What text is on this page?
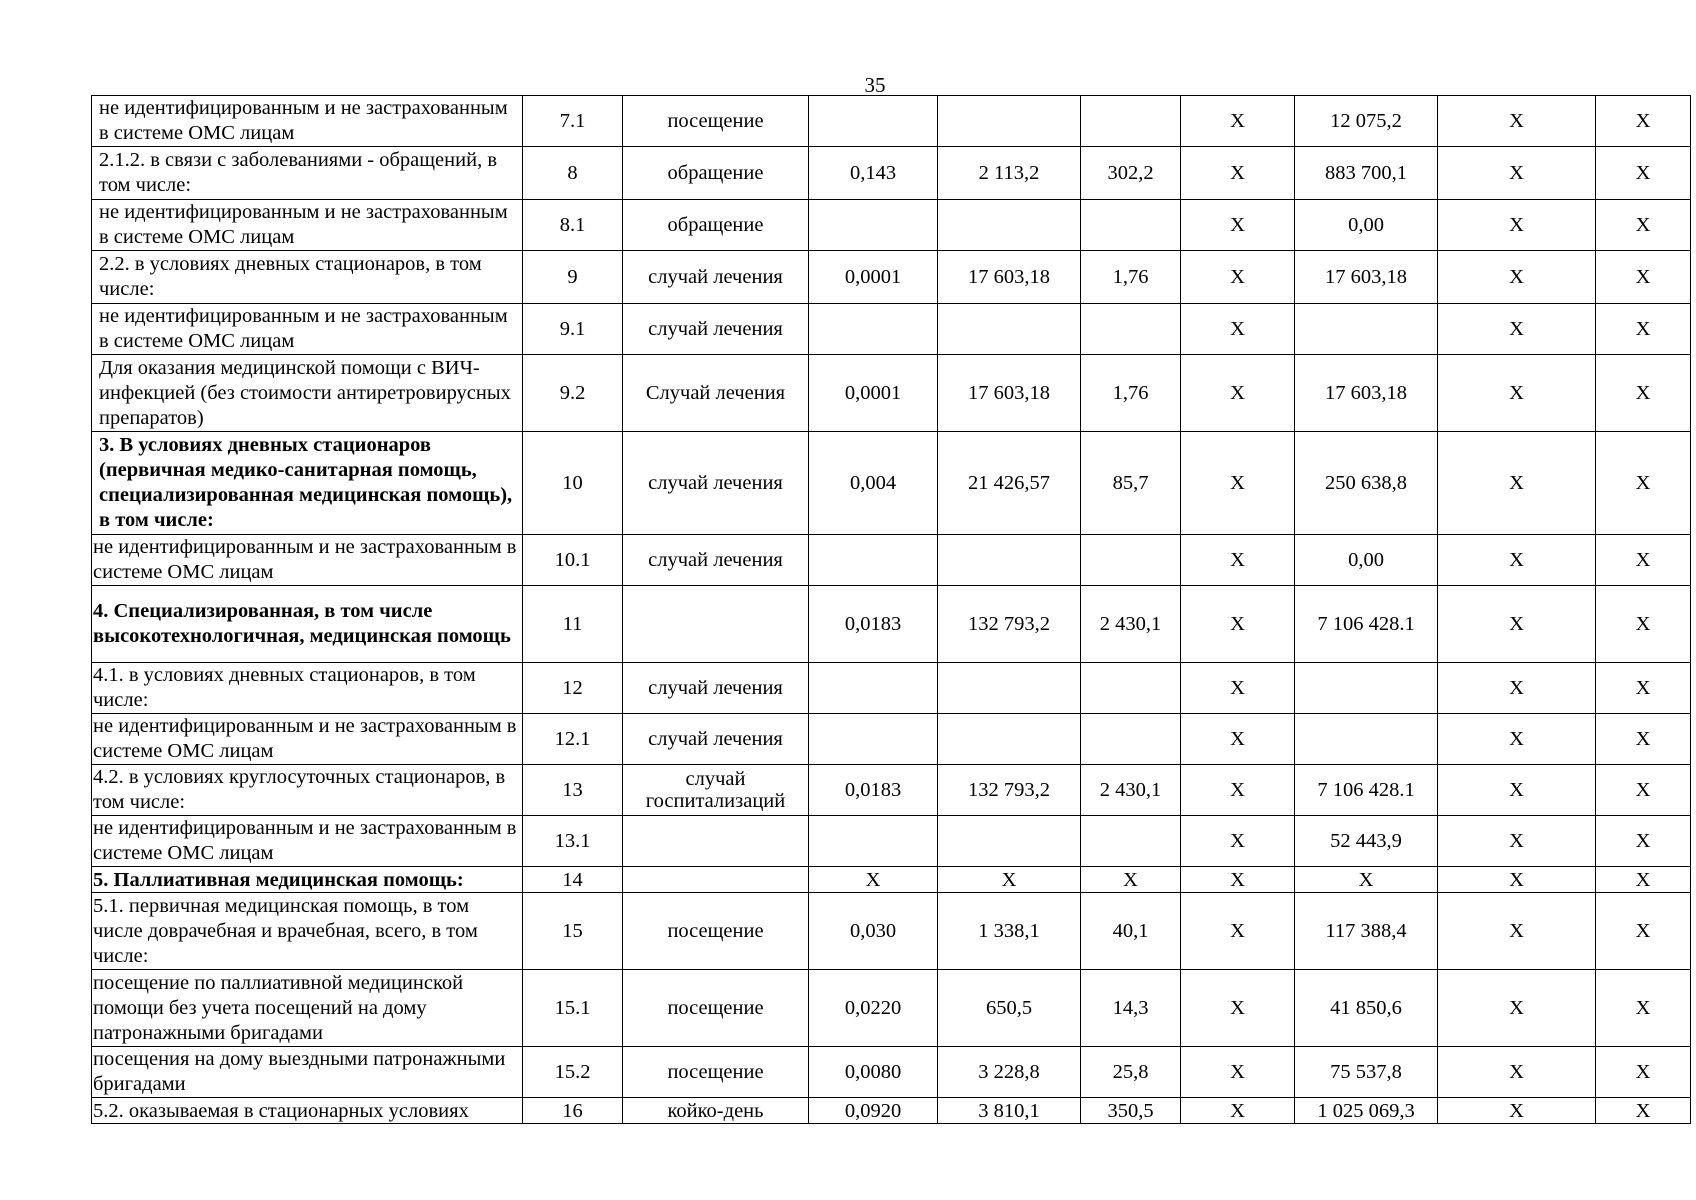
35
не идентифицированным и не застрахованным в системе ОМС лицам	7.1	посещение				Х	12 075,2	Х	Х
2.1.2. в связи с заболеваниями - обращений, в том числе:	8	обращение	0,143	2 113,2	302,2	Х	883 700,1	Х	Х
не идентифицированным и не застрахованным в системе ОМС лицам	8.1	обращение				Х	0,00	Х	Х
2.2. в условиях дневных стационаров, в том числе:	9	случай лечения	0,0001	17 603,18	1,76	Х	17 603,18	Х	Х
не идентифицированным и не застрахованным в системе ОМС лицам	9.1	случай лечения				Х		Х	Х
Для оказания медицинской помощи с ВИЧ-инфекцией (без стоимости антиретровирусных препаратов)	9.2	Случай лечения	0,0001	17 603,18	1,76	Х	17 603,18	Х	Х
3. В условиях дневных стационаров (первичная медико-санитарная помощь, специализированная медицинская помощь), в том числе:	10	случай лечения	0,004	21 426,57	85,7	Х	250 638,8	Х	Х
не идентифицированным и не застрахованным в системе ОМС лицам	10.1	случай лечения				Х	0,00	Х	Х
4. Специализированная, в том числе высокотехнологичная, медицинская помощь	11		0,0183	132 793,2	2 430,1	Х	7 106 428.1	Х	Х
4.1. в условиях дневных стационаров, в том числе:	12	случай лечения				Х		Х	Х
не идентифицированным и не застрахованным в системе ОМС лицам	12.1	случай лечения				Х		Х	Х
4.2. в условиях круглосуточных стационаров, в том числе:	13	случай госпитализаций	0,0183	132 793,2	2 430,1	Х	7 106 428.1	Х	Х
не идентифицированным и не застрахованным в системе ОМС лицам	13.1					Х	52 443,9	Х	Х
5. Паллиативная медицинская помощь:	14		Х	Х	Х	Х	Х	Х	Х
5.1. первичная медицинская помощь, в том числе доврачебная и врачебная, всего, в том числе:	15	посещение	0,030	1 338,1	40,1	Х	117 388,4	Х	Х
посещение по паллиативной медицинской помощи без учета посещений на дому патронажными бригадами	15.1	посещение	0,0220	650,5	14,3	Х	41 850,6	Х	Х
посещения на дому выездными патронажными бригадами	15.2	посещение	0,0080	3 228,8	25,8	Х	75 537,8	Х	Х
5.2. оказываемая в стационарных условиях	16	койко-день	0,0920	3 810,1	350,5	Х	1 025 069,3	Х	Х
